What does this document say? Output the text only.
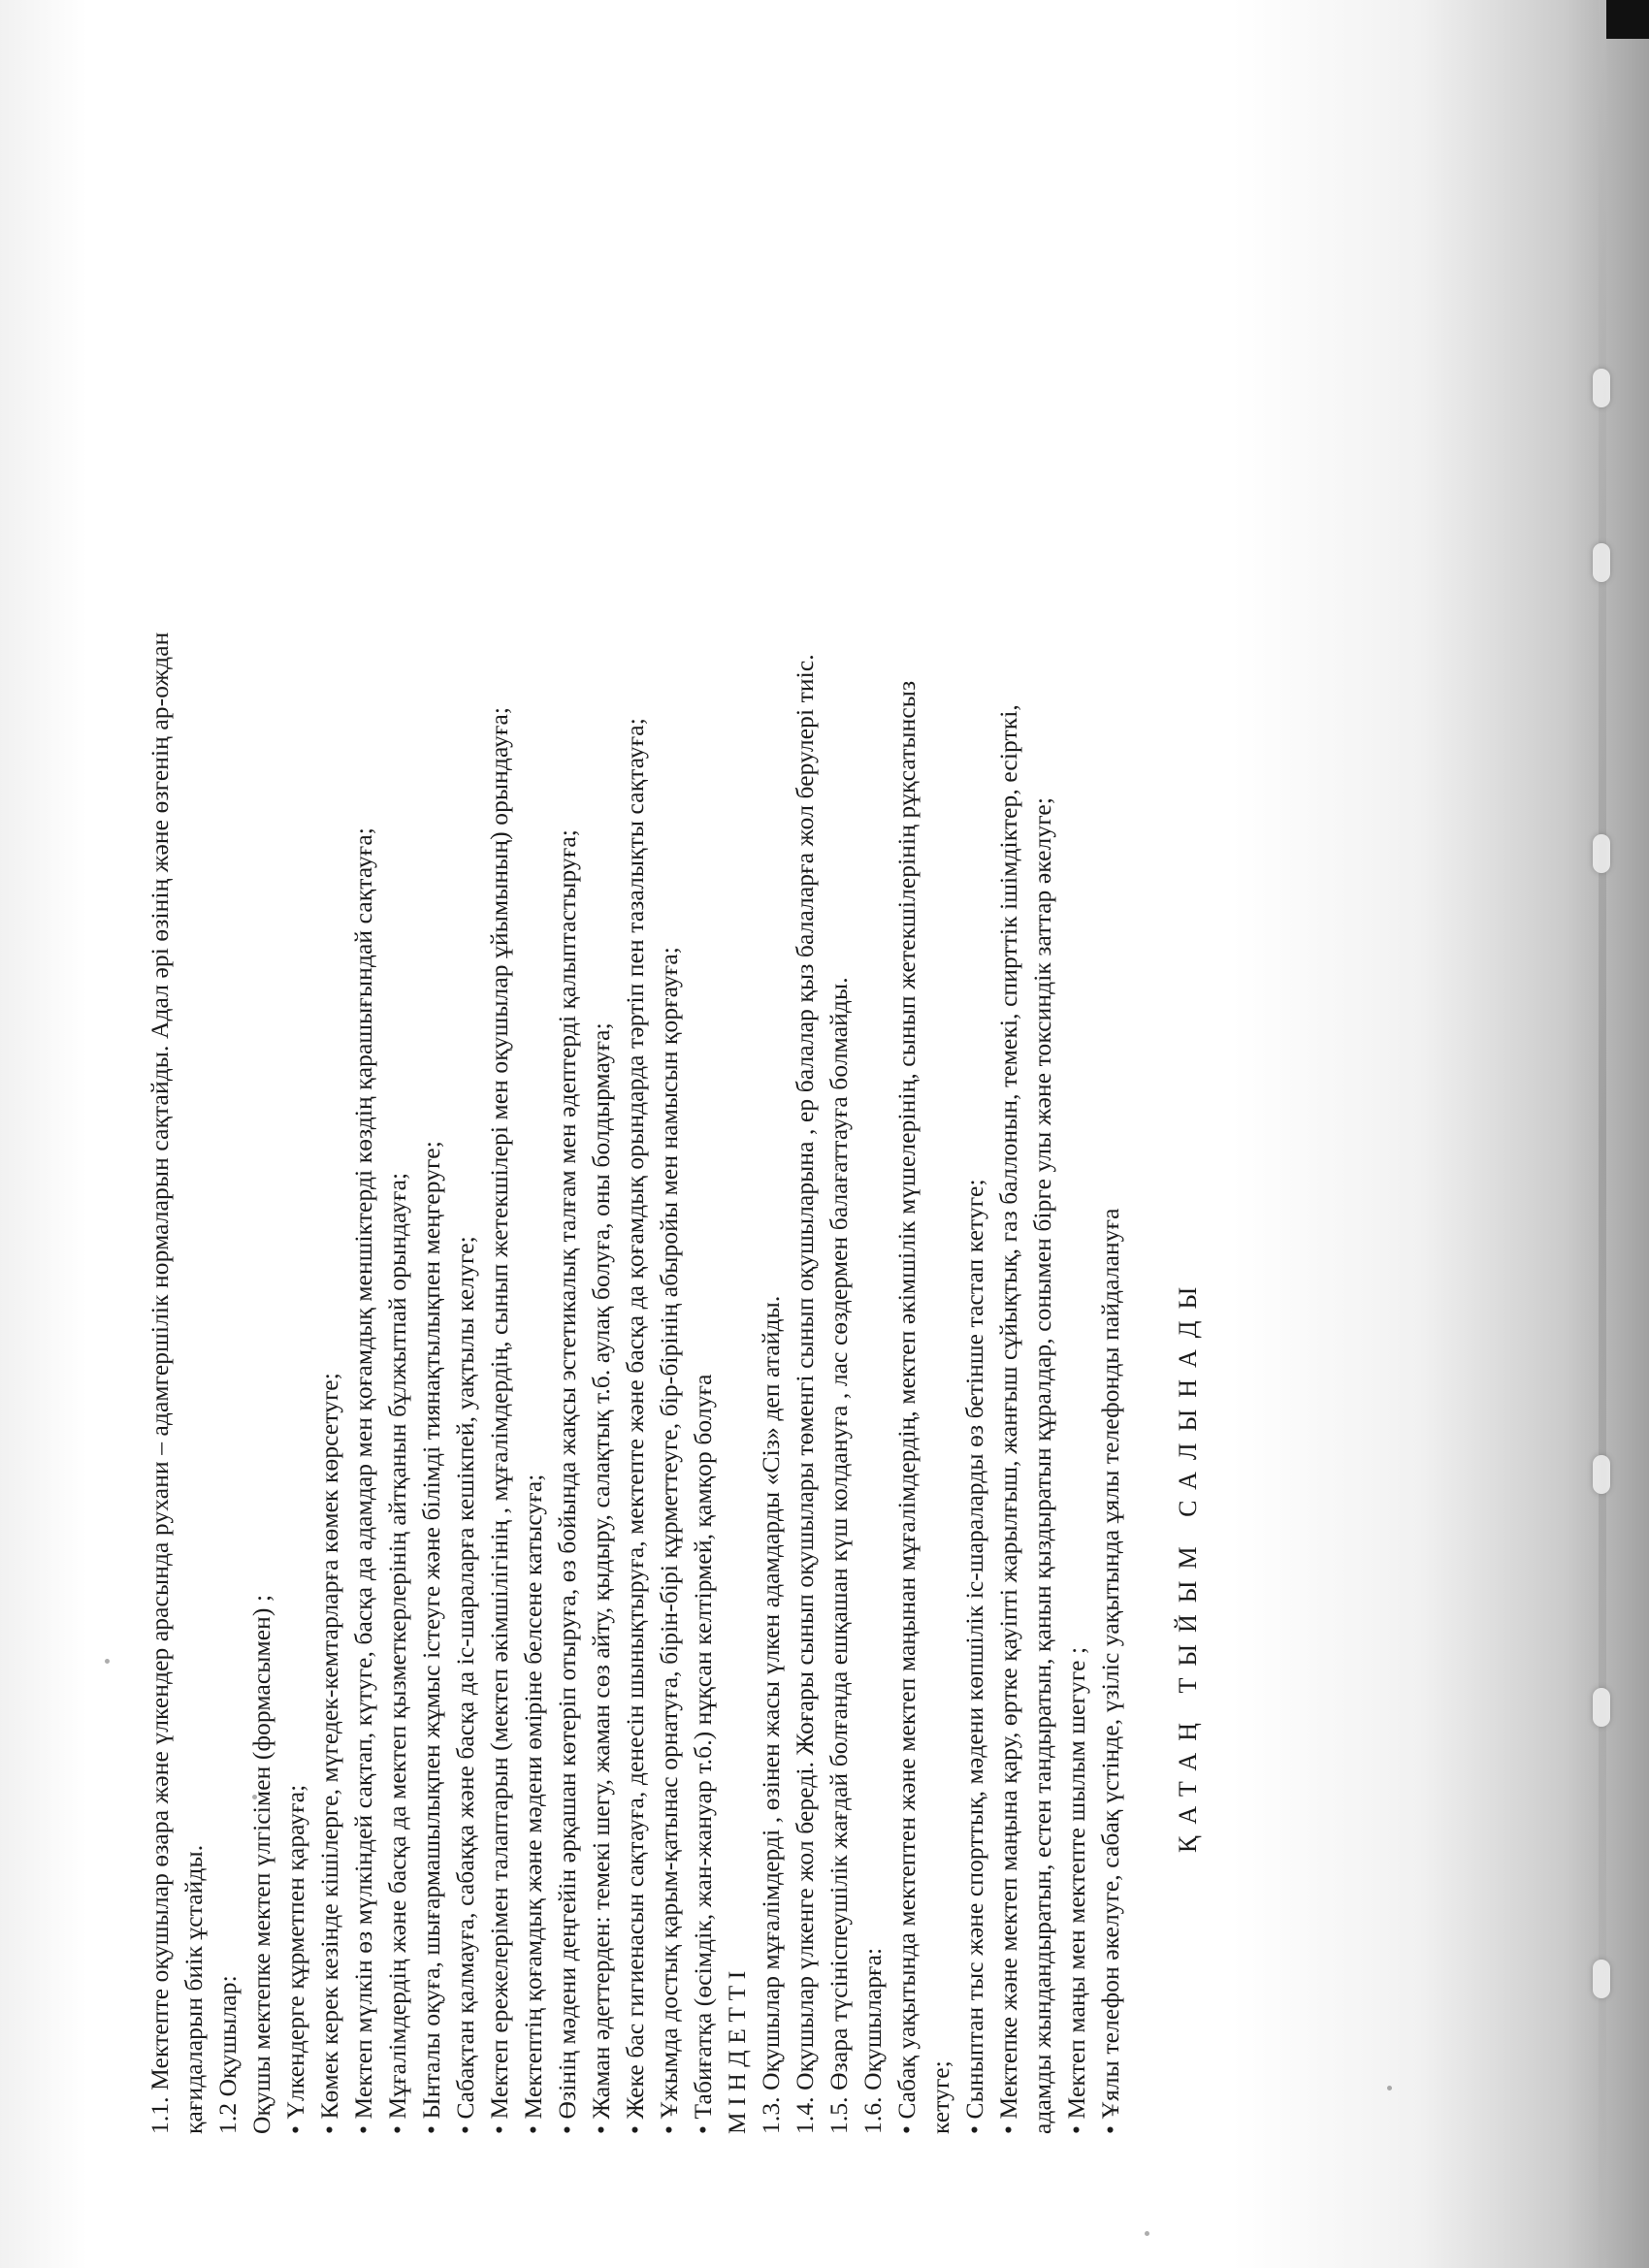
1.1. Мектепте оқушылар өзара және үлкендер арасында рухани – адамгершілік нормаларын сақтайды. Адал әрі өзінің және өзгенің ар-ождан қағидаларын биік ұстайды. 1.2 Оқушылар: Оқушы мектепке мектеп үлгісімен (формасымен) ; • Үлкендерге құрметпен қарауға; • Көмек керек кезінде кішілерге, мүгедек-кемтарларға көмек көрсетуге; • Мектеп мүлкін өз мүлкіндей сақтап, күтуге, басқа да адамдар мен қоғамдық меншіктерді көздің қарашығындай сақтауға; • Мұғалімдердің және басқа да мектеп қызметкерлерінің айтқанын бұлжытпай орындауға; • Ынталы оқуға, шығармашылықпен жұмыс істеуге және білімді тиянақтылықпен меңгеруге; • Сабақтан қалмауға, сабаққа және басқа да іс-шараларға кешікпей, уақтылы келуге; • Мектеп ережелерімен талаптарын (мектеп әкімшілігінің , мұғалімдердің, сынып жетекшілері мен оқушылар ұйымының) орындауға; • Мектептің қоғамдық және мәдени өміріне белсене катысуға; • Өзінің мәдени деңгейін әрқашан көтеріп отыруға, өз бойында жақсы эстетикалық талғам мен әдептерді қалыптастыруға; • Жаман әдеттерден: темекі шегу, жаман сөз айту, қыдыру, салақтық т.б. аулақ болуға, оны болдырмауға; • Жеке бас гигиенасын сақтауға, денесін шынықтыруға, мектепте және басқа да қоғамдық орындарда тәртіп пен тазалықты сақтауға; • Ұжымда достық қарым-қатынас орнатуға, бірін-бірі құрметтеуге, бір-бірінің абыройы мен намысын қорғауға; • Табиғатқа (өсімдік, жан-жануар т.б.) нұқсан келтірмей, қамқор болуға М І Н Д Е Т Т І 1.3. Оқушылар мұғалімдерді , өзінен жасы үлкен адамдарды «Сіз» деп атайды. 1.4. Оқушылар үлкенге жол береді. Жоғары сынып оқушылары төменгі сынып оқушыларына , ер балалар қыз балаларға жол берулері тиіс. 1.5. Өзара түсініспеушілік жағдай болғанда ешқашан күш колдануға , лас сөздермен балағаттауға болмайды. 1.6. Оқушыларға: • Сабақ уақытында мектептен және мектеп маңынан мұғалімдердің, мектеп әкімшілік мүшелерінің, сынып жетекшілерінің рұқсатынсыз кетуге; • Сыныптан тыс және спорттық, мәдени көпшілік іс-шараларды өз бетінше тастап кетуге; • Мектепке және мектеп маңына қару, өртке қауіпті жарылғыш, жанғыш сұйықтық, газ баллонын, темекі, спирттік ішімдіктер, есірткі, адамды жындандыратын, естен тандыратын, қанын қыздыратын құралдар, сонымен бірге улы және токсиндік заттар әкелуге; • Мектеп маңы мен мектепте шылым шегуге ; • Ұялы телефон әкелуге, сабақ үстінде, үзіліс уақытында ұялы телефонды пайдалануға ҚАТАҢ ТЫЙЫМ САЛЫНАДЫ
